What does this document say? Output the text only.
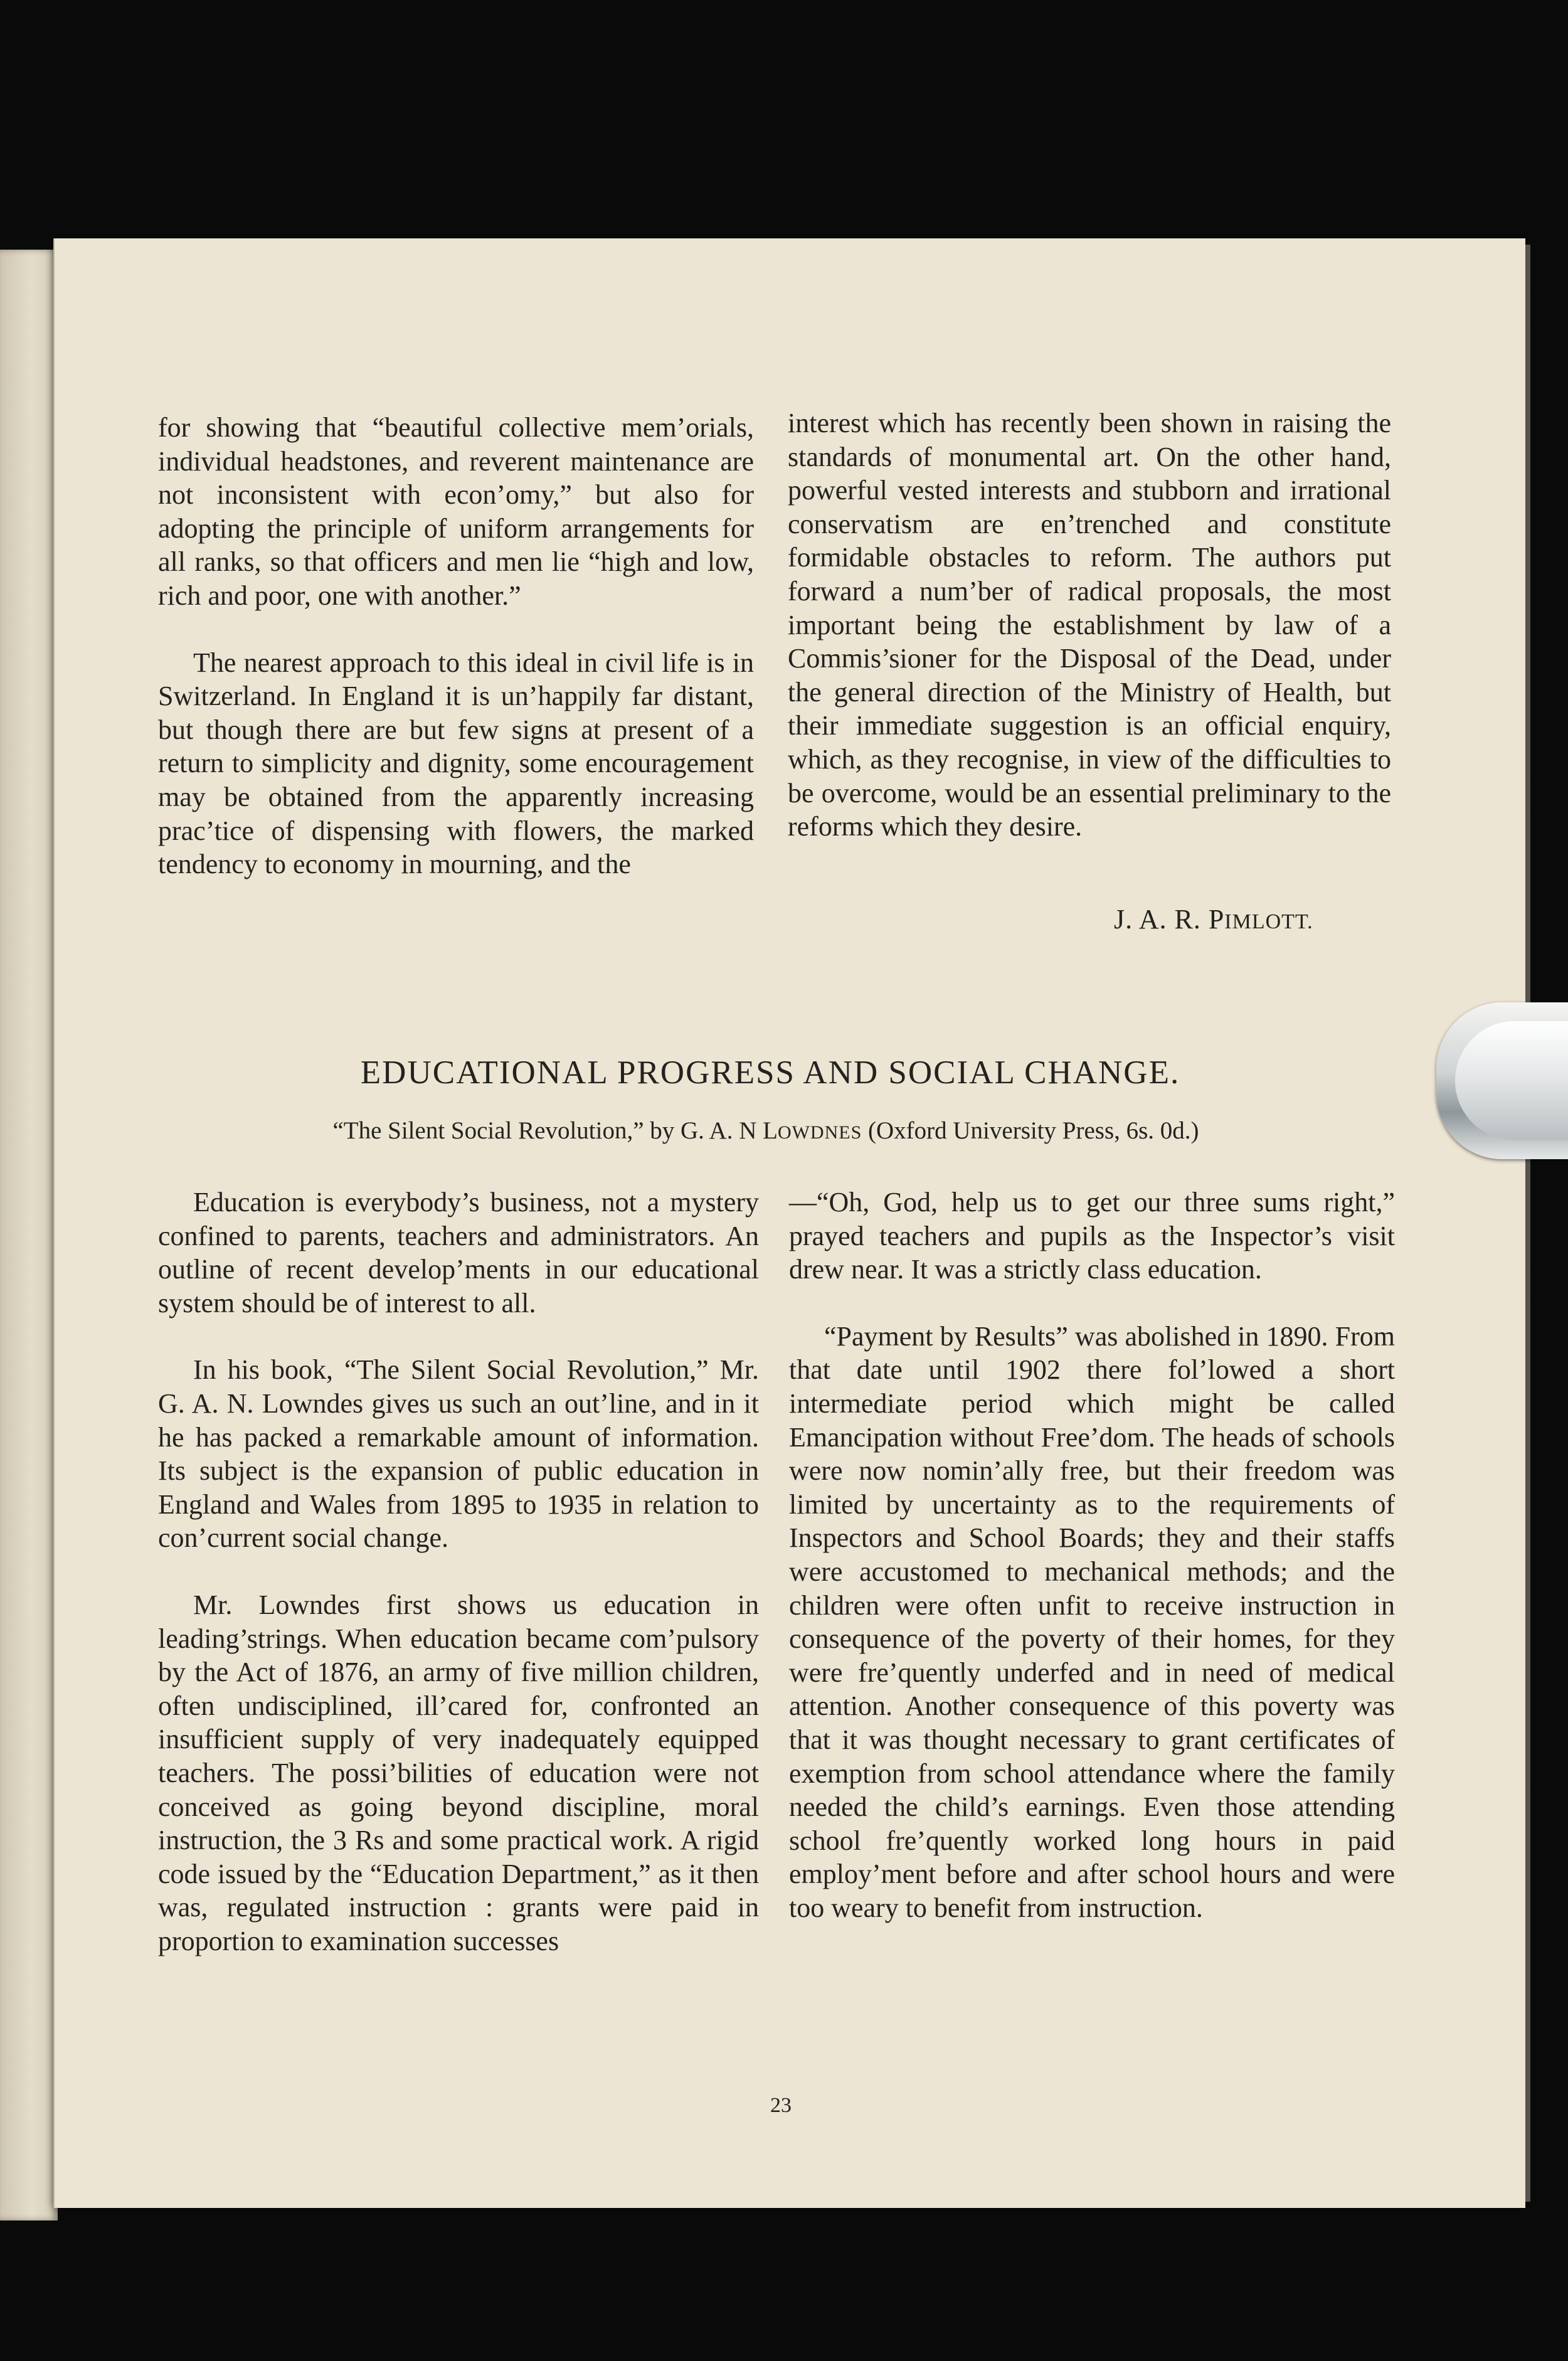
for showing that “beautiful collective mem’orials, individual headstones, and reverent maintenance are not inconsistent with econ’omy,” but also for adopting the principle of uniform arrangements for all ranks, so that officers and men lie “high and low, rich and poor, one with another.”

The nearest approach to this ideal in civil life is in Switzerland. In England it is un’happily far distant, but though there are but few signs at present of a return to simplicity and dignity, some encouragement may be obtained from the apparently increasing prac’tice of dispensing with flowers, the marked tendency to economy in mourning, and the

interest which has recently been shown in raising the standards of monumental art. On the other hand, powerful vested interests and stubborn and irrational conservatism are en’trenched and constitute formidable obstacles to reform. The authors put forward a num’ber of radical proposals, the most important being the establishment by law of a Commis’sioner for the Disposal of the Dead, under the general direction of the Ministry of Health, but their immediate suggestion is an official enquiry, which, as they recognise, in view of the difficulties to be overcome, would be an essential preliminary to the reforms which they desire.

J. A. R. PIMLOTT.
EDUCATIONAL PROGRESS AND SOCIAL CHANGE.
“The Silent Social Revolution,” by G. A. N LOWDNES (Oxford University Press, 6s. 0d.)

Education is everybody’s business, not a mystery confined to parents, teachers and administrators. An outline of recent develop’ments in our educational system should be of interest to all.

In his book, “The Silent Social Revolution,” Mr. G. A. N. Lowndes gives us such an out’line, and in it he has packed a remarkable amount of information. Its subject is the expansion of public education in England and Wales from 1895 to 1935 in relation to con’current social change.

Mr. Lowndes first shows us education in leading’strings. When education became com’pulsory by the Act of 1876, an army of five million children, often undisciplined, ill’cared for, confronted an insufficient supply of very inadequately equipped teachers. The possi’bilities of education were not conceived as going beyond discipline, moral instruction, the 3 Rs and some practical work. A rigid code issued by the “Education Department,” as it then was, regulated instruction : grants were paid in proportion to examination successes

—“Oh, God, help us to get our three sums right,” prayed teachers and pupils as the Inspector’s visit drew near. It was a strictly class education.

“Payment by Results” was abolished in 1890. From that date until 1902 there fol’lowed a short intermediate period which might be called Emancipation without Free’dom. The heads of schools were now nomin’ally free, but their freedom was limited by uncertainty as to the requirements of Inspectors and School Boards; they and their staffs were accustomed to mechanical methods; and the children were often unfit to receive instruction in consequence of the poverty of their homes, for they were fre’quently underfed and in need of medical attention. Another consequence of this poverty was that it was thought necessary to grant certificates of exemption from school attendance where the family needed the child’s earnings. Even those attending school fre’quently worked long hours in paid employ’ment before and after school hours and were too weary to benefit from instruction.

23
